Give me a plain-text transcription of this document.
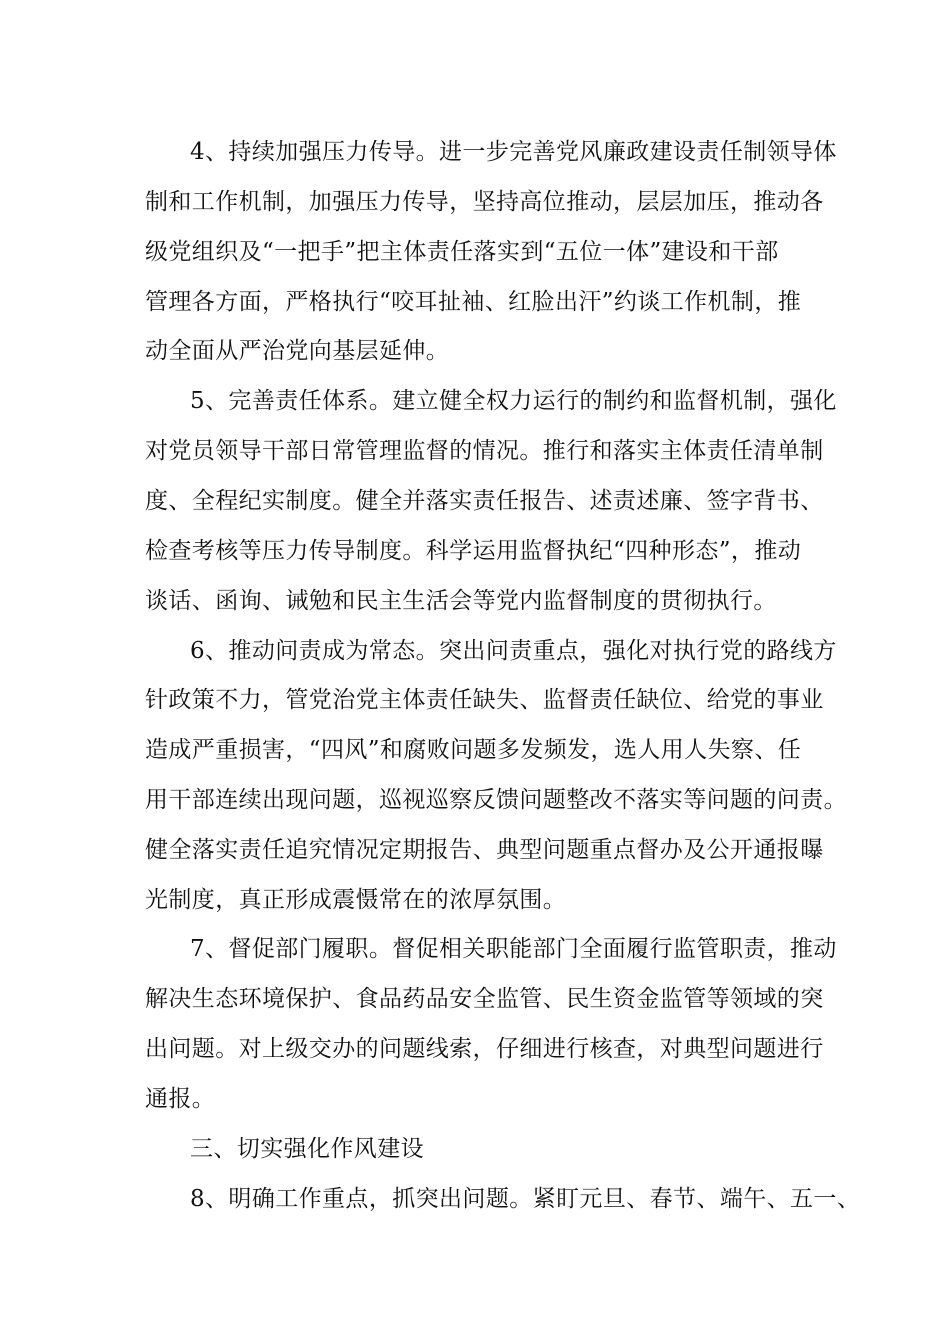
4、持续加强压力传导。进一步完善党风廉政建设责任制领导体
制和工作机制，加强压力传导，坚持高位推动，层层加压，推动各
级党组织及“一把手”把主体责任落实到“五位一体”建设和干部
管理各方面，严格执行“咬耳扯袖、红脸出汗”约谈工作机制，推
动全面从严治党向基层延伸。
5、完善责任体系。建立健全权力运行的制约和监督机制，强化
对党员领导干部日常管理监督的情况。推行和落实主体责任清单制
度、全程纪实制度。健全并落实责任报告、述责述廉、签字背书、
检查考核等压力传导制度。科学运用监督执纪“四种形态”，推动
谈话、函询、诫勉和民主生活会等党内监督制度的贯彻执行。
6、推动问责成为常态。突出问责重点，强化对执行党的路线方
针政策不力，管党治党主体责任缺失、监督责任缺位、给党的事业
造成严重损害，“四风”和腐败问题多发频发，选人用人失察、任
用干部连续出现问题，巡视巡察反馈问题整改不落实等问题的问责。
健全落实责任追究情况定期报告、典型问题重点督办及公开通报曝
光制度，真正形成震慑常在的浓厚氛围。
7、督促部门履职。督促相关职能部门全面履行监管职责，推动
解决生态环境保护、食品药品安全监管、民生资金监管等领域的突
出问题。对上级交办的问题线索，仔细进行核查，对典型问题进行
通报。
三、切实强化作风建设
8、明确工作重点，抓突出问题。紧盯元旦、春节、端午、五一、
